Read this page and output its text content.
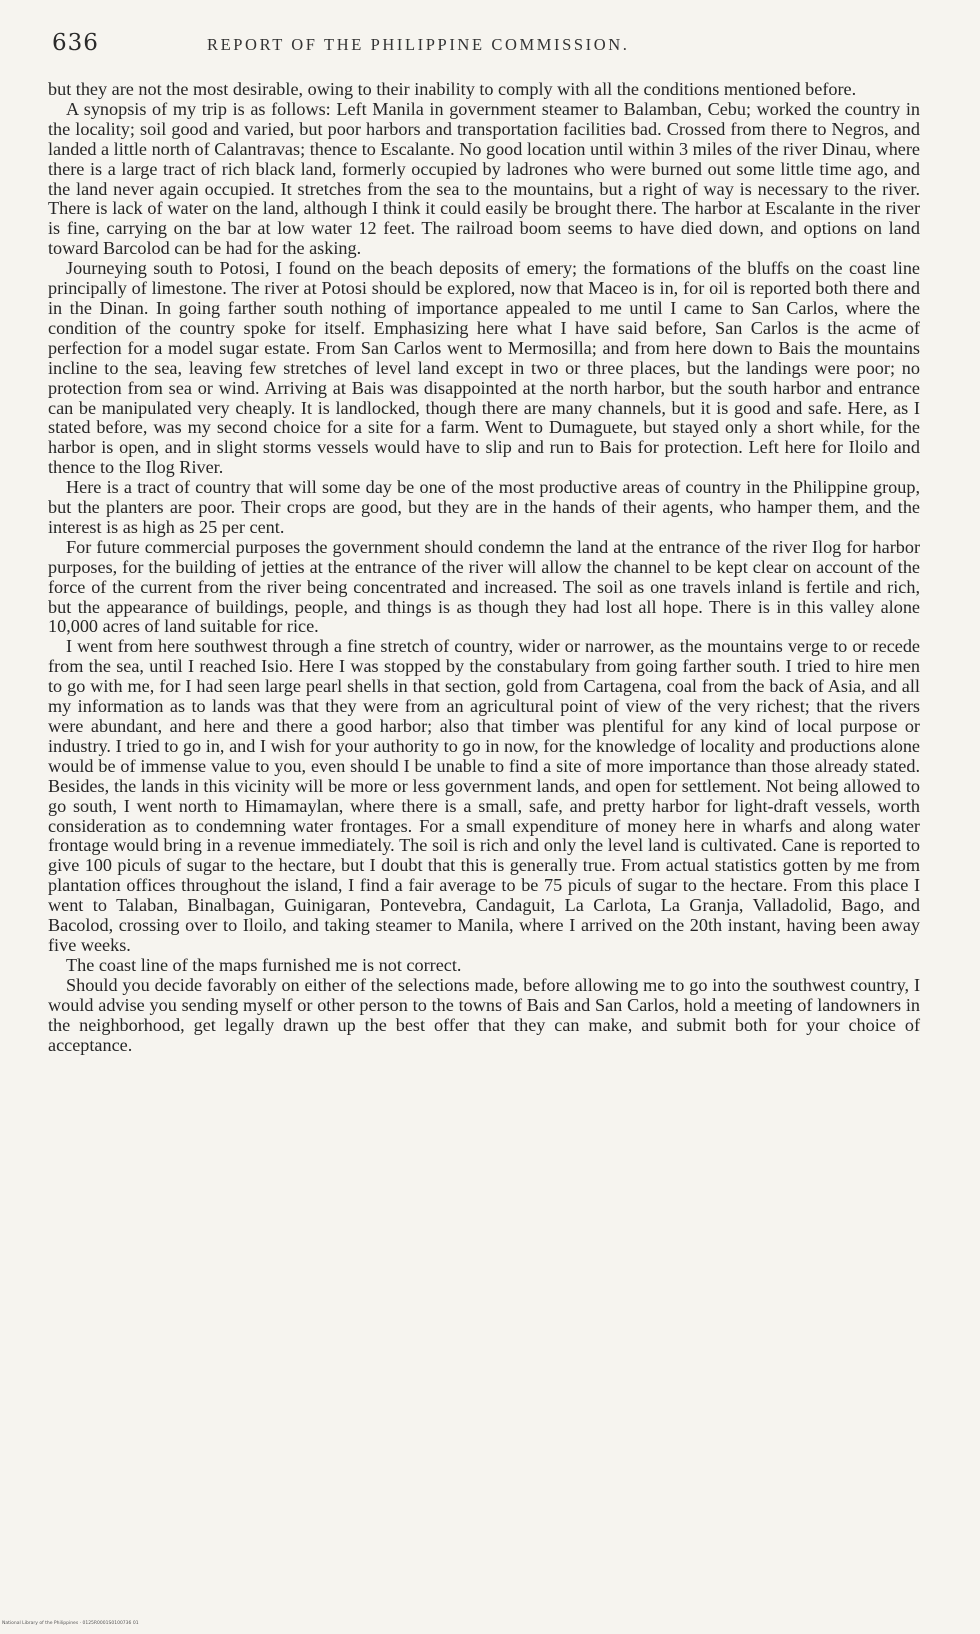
636	REPORT OF THE PHILIPPINE COMMISSION.

but they are not the most desirable, owing to their inability to comply with all the conditions mentioned before.

A synopsis of my trip is as follows: Left Manila in government steamer to Balamban, Cebu; worked the country in the locality; soil good and varied, but poor harbors and transportation facilities bad. Crossed from there to Negros, and landed a little north of Calantravas; thence to Escalante. No good location until within 3 miles of the river Dinau, where there is a large tract of rich black land, formerly occupied by ladrones who were burned out some little time ago, and the land never again occupied. It stretches from the sea to the mountains, but a right of way is necessary to the river. There is lack of water on the land, although I think it could easily be brought there. The harbor at Escalante in the river is fine, carrying on the bar at low water 12 feet. The railroad boom seems to have died down, and options on land toward Barcolod can be had for the asking.

Journeying south to Potosi, I found on the beach deposits of emery; the formations of the bluffs on the coast line principally of limestone. The river at Potosi should be explored, now that Maceo is in, for oil is reported both there and in the Dinan. In going farther south nothing of importance appealed to me until I came to San Carlos, where the condition of the country spoke for itself. Emphasizing here what I have said before, San Carlos is the acme of perfection for a model sugar estate. From San Carlos went to Mermosilla; and from here down to Bais the mountains incline to the sea, leaving few stretches of level land except in two or three places, but the landings were poor; no protection from sea or wind. Arriving at Bais was disappointed at the north harbor, but the south harbor and entrance can be manipulated very cheaply. It is landlocked, though there are many channels, but it is good and safe. Here, as I stated before, was my second choice for a site for a farm. Went to Dumaguete, but stayed only a short while, for the harbor is open, and in slight storms vessels would have to slip and run to Bais for protection. Left here for Iloilo and thence to the Ilog River.

Here is a tract of country that will some day be one of the most productive areas of country in the Philippine group, but the planters are poor. Their crops are good, but they are in the hands of their agents, who hamper them, and the interest is as high as 25 per cent.

For future commercial purposes the government should condemn the land at the entrance of the river Ilog for harbor purposes, for the building of jetties at the entrance of the river will allow the channel to be kept clear on account of the force of the current from the river being concentrated and increased. The soil as one travels inland is fertile and rich, but the appearance of buildings, people, and things is as though they had lost all hope. There is in this valley alone 10,000 acres of land suitable for rice.

I went from here southwest through a fine stretch of country, wider or narrower, as the mountains verge to or recede from the sea, until I reached Isio. Here I was stopped by the constabulary from going farther south. I tried to hire men to go with me, for I had seen large pearl shells in that section, gold from Cartagena, coal from the back of Asia, and all my information as to lands was that they were from an agricultural point of view of the very richest; that the rivers were abundant, and here and there a good harbor; also that timber was plentiful for any kind of local purpose or industry. I tried to go in, and I wish for your authority to go in now, for the knowledge of locality and productions alone would be of immense value to you, even should I be unable to find a site of more importance than those already stated. Besides, the lands in this vicinity will be more or less government lands, and open for settlement. Not being allowed to go south, I went north to Himamaylan, where there is a small, safe, and pretty harbor for light-draft vessels, worth consideration as to condemning water frontages. For a small expenditure of money here in wharfs and along water frontage would bring in a revenue immediately. The soil is rich and only the level land is cultivated. Cane is reported to give 100 piculs of sugar to the hectare, but I doubt that this is generally true. From actual statistics gotten by me from plantation offices throughout the island, I find a fair average to be 75 piculs of sugar to the hectare. From this place I went to Talaban, Binalbagan, Guinigaran, Pontevebra, Candaguit, La Carlota, La Granja, Valladolid, Bago, and Bacolod, crossing over to Iloilo, and taking steamer to Manila, where I arrived on the 20th instant, having been away five weeks.

The coast line of the maps furnished me is not correct.

Should you decide favorably on either of the selections made, before allowing me to go into the southwest country, I would advise you sending myself or other person to the towns of Bais and San Carlos, hold a meeting of landowners in the neighborhood, get legally drawn up the best offer that they can make, and submit both for your choice of acceptance.

National Library of the Philippines · 0125R0001S0100736 01
